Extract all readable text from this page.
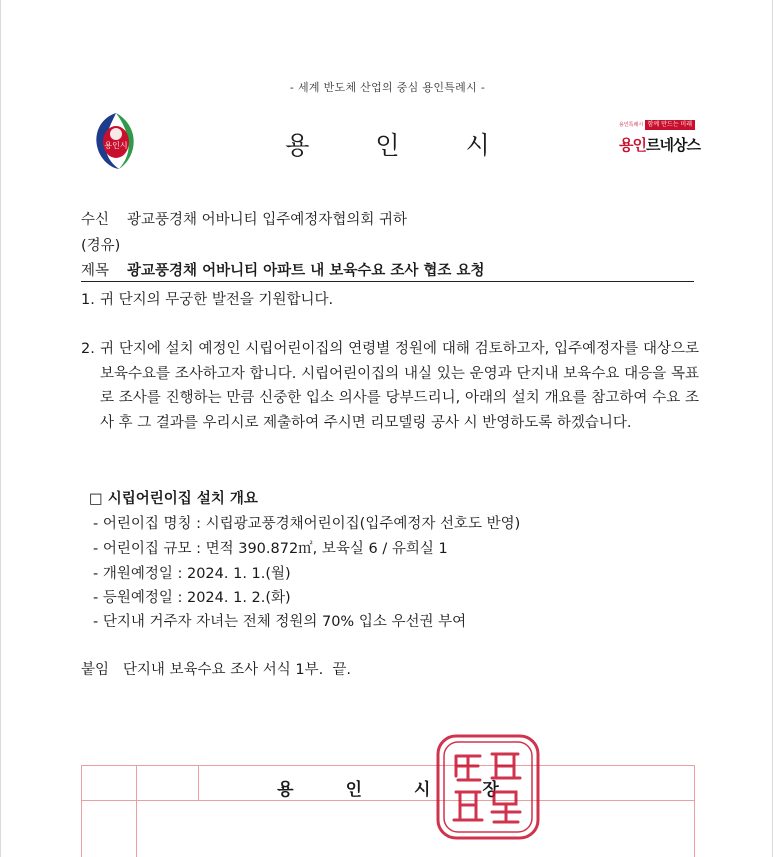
- 세계 반도체 산업의 중심 용인특례시 -
용인시	용인시
용인특례시 함께 만드는 미래
용인르네상스
수신 광교풍경채 어바니티 입주예정자협의회 귀하
(경유)
제목 광교풍경채 어바니티 아파트 내 보육수요 조사 협조 요청
1. 귀 단지의 무궁한 발전을 기원합니다.
2. 귀 단지에 설치 예정인 시립어린이집의 연령별 정원에 대해 검토하고자, 입주예정자를 대상으로 보육수요를 조사하고자 합니다. 시립어린이집의 내실 있는 운영과 단지내 보육수요 대응을 목표로 조사를 진행하는 만큼 신중한 입소 의사를 당부드리니, 아래의 설치 개요를 참고하여 수요 조사 후 그 결과를 우리시로 제출하여 주시면 리모델링 공사 시 반영하도록 하겠습니다.
□ 시립어린이집 설치 개요
- 어린이집 명칭 : 시립광교풍경채어린이집(입주예정자 선호도 반영)
- 어린이집 규모 : 면적 390.872㎡, 보육실 6 / 유희실 1
- 개원예정일 : 2024. 1. 1.(월)
- 등원예정일 : 2024. 1. 2.(화)
- 단지내 거주자 자녀는 전체 정원의 70% 입소 우선권 부여
붙임 단지내 보육수요 조사 서식 1부. 끝.
용인시장
